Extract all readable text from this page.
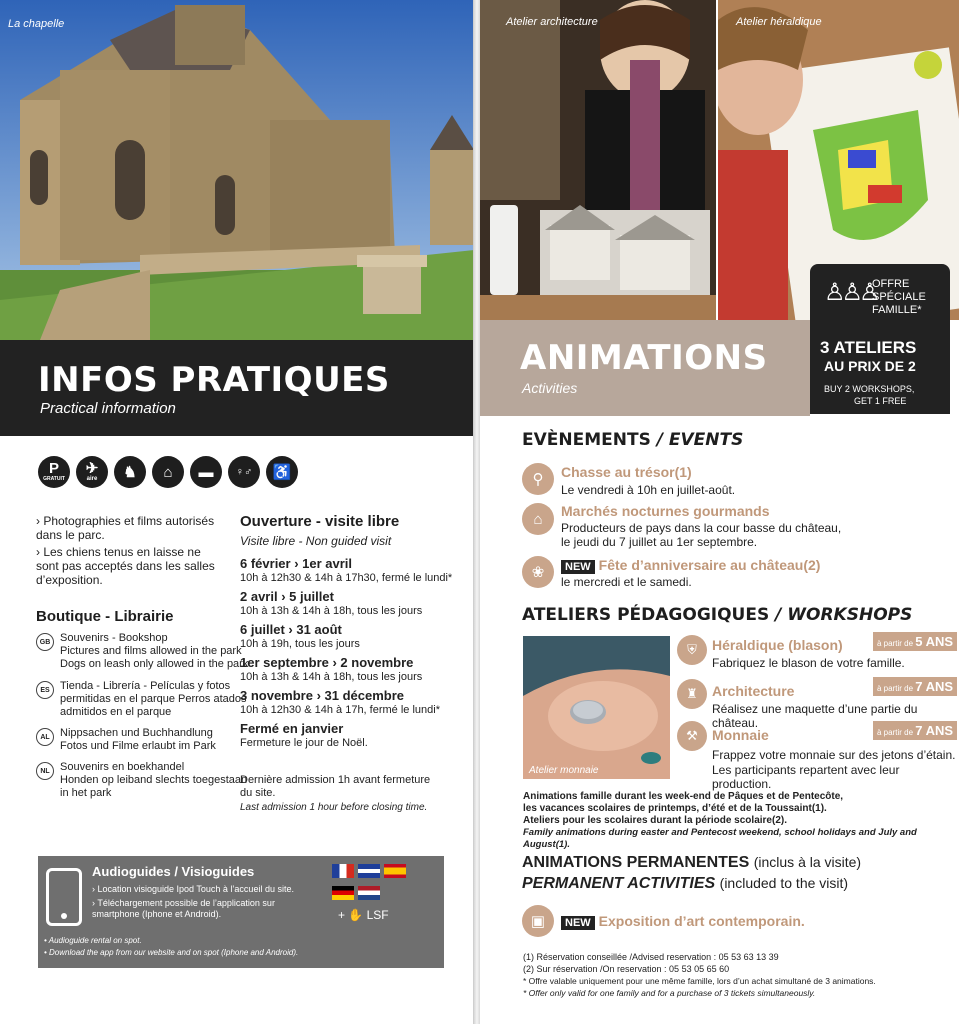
La chapelle
INFOS PRATIQUES
Practical information
P
GRATUIT
✈
aire	♞	⌂	▬	♀♂	♿
› Photographies et films autorisés dans le parc.
› Les chiens tenus en laisse ne sont pas acceptés dans les salles d’exposition.
Boutique - Librairie
GB Souvenirs - Bookshop
Pictures and films allowed in the park
Dogs on leash only allowed in the park
ES Tienda - Librería - Películas y fotos
permitidas en el parque Perros atados
admitidos en el parque
AL Nippsachen und Buchhandlung
Fotos und Filme erlaubt im Park
NL Souvenirs en boekhandel
Honden op leiband slechts toegestaan
in het park
Ouverture - visite libre
Visite libre - Non guided visit
6 février › 1er avril
10h à 12h30 & 14h à 17h30, fermé le lundi*
2 avril › 5 juillet
10h à 13h & 14h à 18h, tous les jours
6 juillet › 31 août
10h à 19h, tous les jours
1er septembre › 2 novembre
10h à 13h & 14h à 18h, tous les jours
3 novembre › 31 décembre
10h à 12h30 & 14h à 17h, fermé le lundi*
Fermé en janvier
Fermeture le jour de Noël.
Dernière admission 1h avant fermeture du site.
Last admission 1 hour before closing time.
Audioguides / Visioguides
› Location visioguide Ipod Touch à l’accueil du site.
› Téléchargement possible de l’application sur smartphone (Iphone et Android).
• Audioguide rental on spot.
• Download the app from our website and on spot (Iphone and Android).
+ ✋ LSF
Atelier architecture	Atelier héraldique
ANIMATIONS
Activities
♙♙♙
OFFRE
SPÉCIALE
FAMILLE*
3 ATELIERS
AU PRIX DE 2
BUY 2 WORKSHOPS,
GET 1 FREE
EVÈNEMENTS / EVENTS
⚲	Chasse au trésor(1)
Le vendredi à 10h en juillet-août.
⌂	Marchés nocturnes gourmands
Producteurs de pays dans la cour basse du château,
le jeudi du 7 juillet au 1er septembre.
❀	NEW Fête d’anniversaire au château(2)
le mercredi et le samedi.
ATELIERS PÉDAGOGIQUES / WORKSHOPS
Atelier monnaie
⛨	Héraldique (blason)	à partir de 5 ANS
Fabriquez le blason de votre famille.
♜	Architecture	à partir de 7 ANS
Réalisez une maquette d’une partie du château.
⚒	Monnaie	à partir de 7 ANS
Frappez votre monnaie sur des jetons d’étain.
Les participants repartent avec leur production.
Animations famille durant les week-end de Pâques et de Pentecôte,
les vacances scolaires de printemps, d’été et de la Toussaint(1).
Ateliers pour les scolaires durant la période scolaire(2).
Family animations during easter and Pentecost weekend, school holidays and July and August(1).
ANIMATIONS PERMANENTES (inclus à la visite)
PERMANENT ACTIVITIES (included to the visit)
▣	NEW Exposition d’art contemporain.
(1) Réservation conseillée /Advised reservation : 05 53 63 13 39
(2) Sur réservation /On reservation : 05 53 05 65 60
* Offre valable uniquement pour une même famille, lors d’un achat simultané de 3 animations.
* Offer only valid for one family and for a purchase of 3 tickets simultaneously.
